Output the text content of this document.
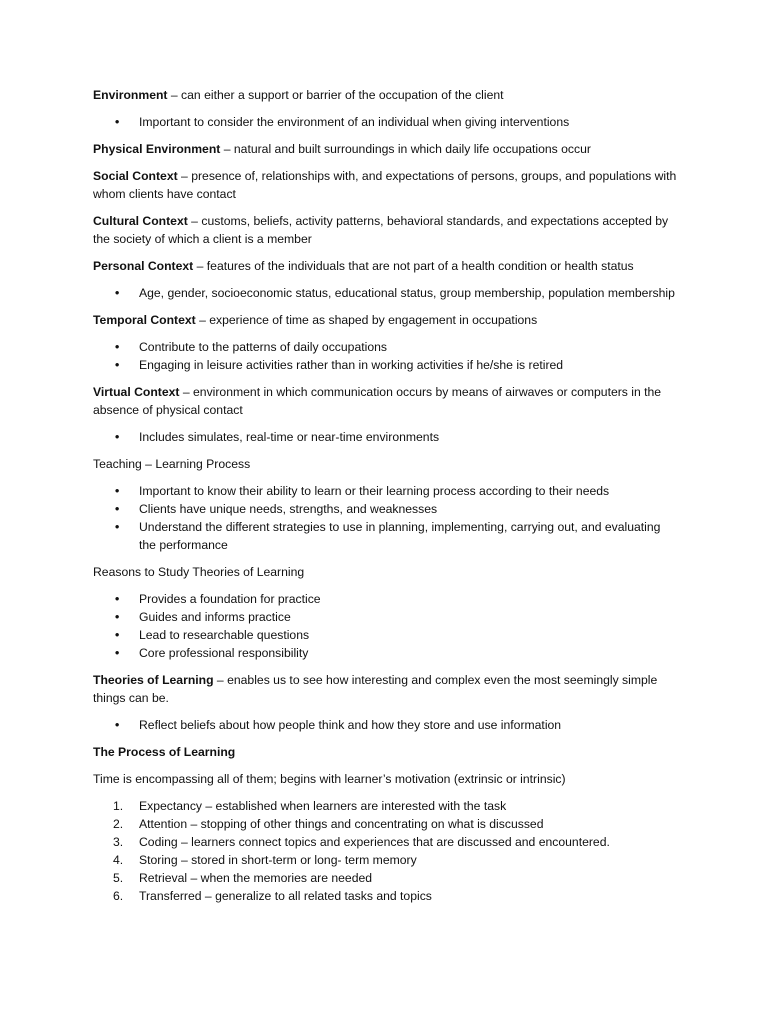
Environment – can either a support or barrier of the occupation of the client

• Important to consider the environment of an individual when giving interventions

Physical Environment – natural and built surroundings in which daily life occupations occur

Social Context – presence of, relationships with, and expectations of persons, groups, and populations with whom clients have contact

Cultural Context – customs, beliefs, activity patterns, behavioral standards, and expectations accepted by the society of which a client is a member

Personal Context – features of the individuals that are not part of a health condition or health status

• Age, gender, socioeconomic status, educational status, group membership, population membership

Temporal Context – experience of time as shaped by engagement in occupations

• Contribute to the patterns of daily occupations
• Engaging in leisure activities rather than in working activities if he/she is retired

Virtual Context – environment in which communication occurs by means of airwaves or computers in the absence of physical contact

• Includes simulates, real-time or near-time environments

Teaching – Learning Process

• Important to know their ability to learn or their learning process according to their needs
• Clients have unique needs, strengths, and weaknesses
• Understand the different strategies to use in planning, implementing, carrying out, and evaluating the performance

Reasons to Study Theories of Learning

• Provides a foundation for practice
• Guides and informs practice
• Lead to researchable questions
• Core professional responsibility

Theories of Learning – enables us to see how interesting and complex even the most seemingly simple things can be.

• Reflect beliefs about how people think and how they store and use information

The Process of Learning

Time is encompassing all of them; begins with learner’s motivation (extrinsic or intrinsic)

1. Expectancy – established when learners are interested with the task
2. Attention – stopping of other things and concentrating on what is discussed
3. Coding – learners connect topics and experiences that are discussed and encountered.
4. Storing – stored in short-term or long- term memory
5. Retrieval – when the memories are needed
6. Transferred – generalize to all related tasks and topics
